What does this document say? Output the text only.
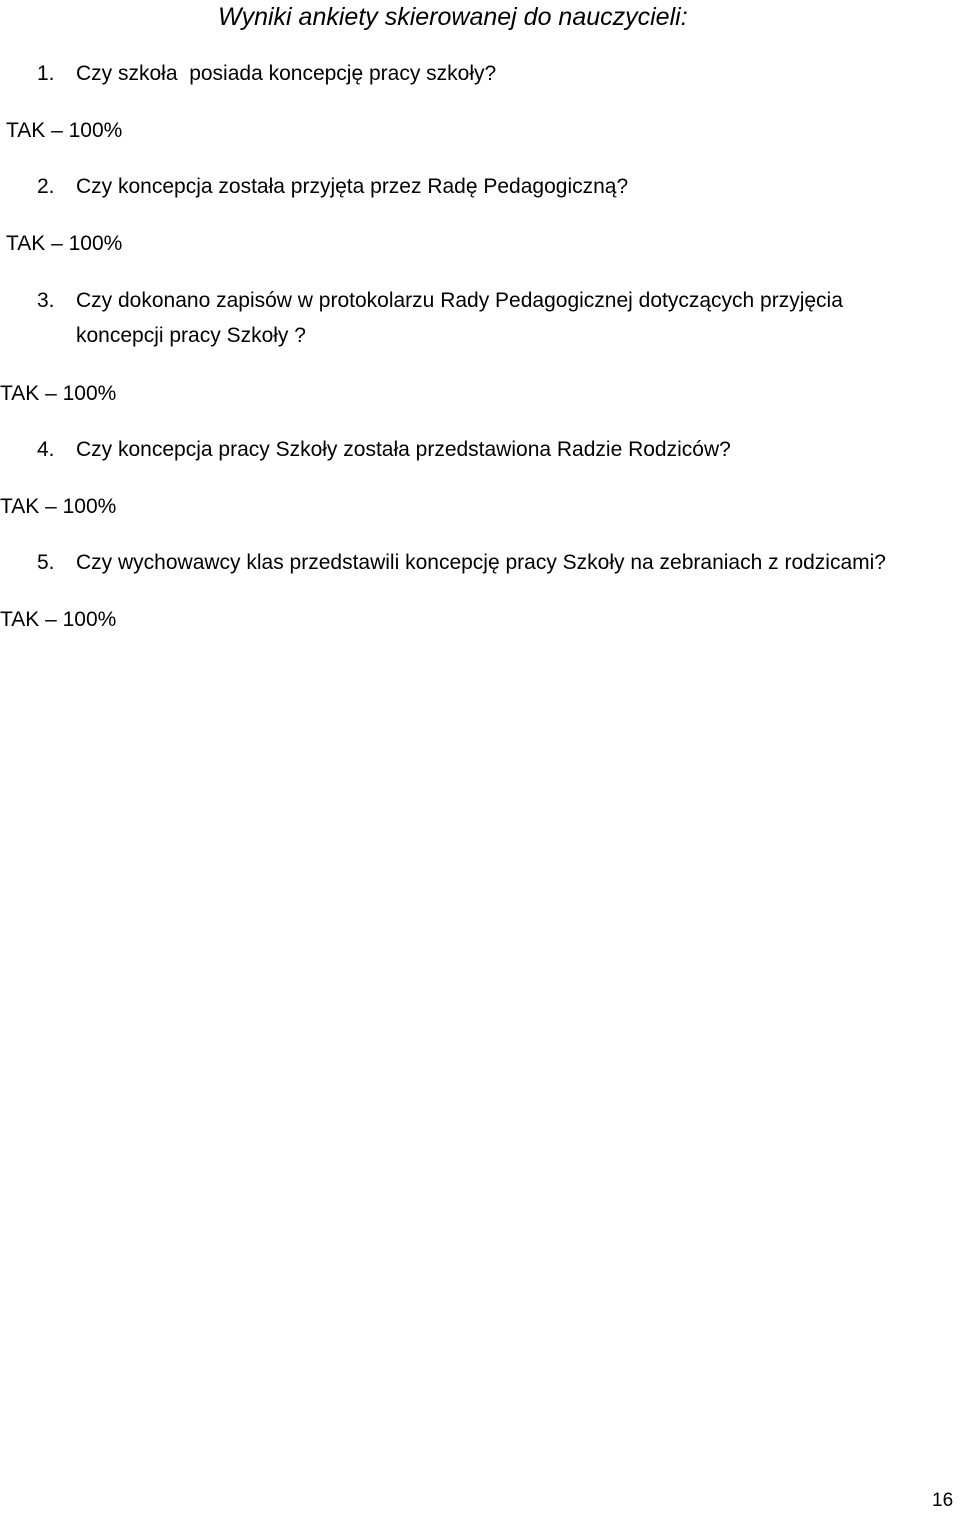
Wyniki ankiety skierowanej do nauczycieli:
1. Czy szkoła  posiada koncepcję pracy szkoły?
TAK – 100%
2. Czy koncepcja została przyjęta przez Radę Pedagogiczną?
TAK – 100%
3. Czy dokonano zapisów w protokolarzu Rady Pedagogicznej dotyczących przyjęcia koncepcji pracy Szkoły ?
TAK – 100%
4. Czy koncepcja pracy Szkoły została przedstawiona Radzie Rodziców?
TAK – 100%
5. Czy wychowawcy klas przedstawili koncepcję pracy Szkoły na zebraniach z rodzicami?
TAK – 100%
16
